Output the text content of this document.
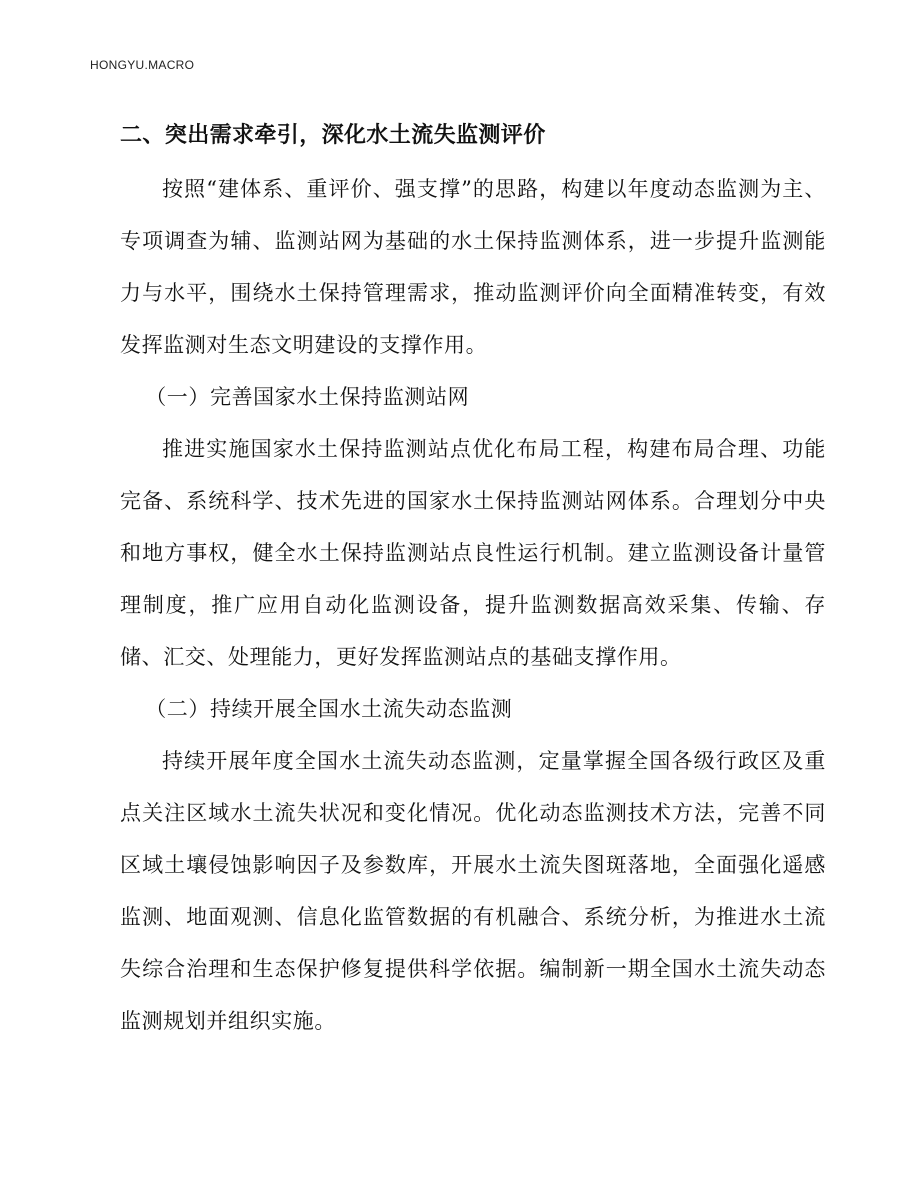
HONGYU.MACRO
二、突出需求牵引，深化水土流失监测评价

按照“建体系、重评价、强支撑”的思路，构建以年度动态监测为主、专项调查为辅、监测站网为基础的水土保持监测体系，进一步提升监测能力与水平，围绕水土保持管理需求，推动监测评价向全面精准转变，有效发挥监测对生态文明建设的支撑作用。

（一）完善国家水土保持监测站网

推进实施国家水土保持监测站点优化布局工程，构建布局合理、功能完备、系统科学、技术先进的国家水土保持监测站网体系。合理划分中央和地方事权，健全水土保持监测站点良性运行机制。建立监测设备计量管理制度，推广应用自动化监测设备，提升监测数据高效采集、传输、存储、汇交、处理能力，更好发挥监测站点的基础支撑作用。

（二）持续开展全国水土流失动态监测

持续开展年度全国水土流失动态监测，定量掌握全国各级行政区及重点关注区域水土流失状况和变化情况。优化动态监测技术方法，完善不同区域土壤侵蚀影响因子及参数库，开展水土流失图斑落地，全面强化遥感监测、地面观测、信息化监管数据的有机融合、系统分析，为推进水土流失综合治理和生态保护修复提供科学依据。编制新一期全国水土流失动态监测规划并组织实施。
